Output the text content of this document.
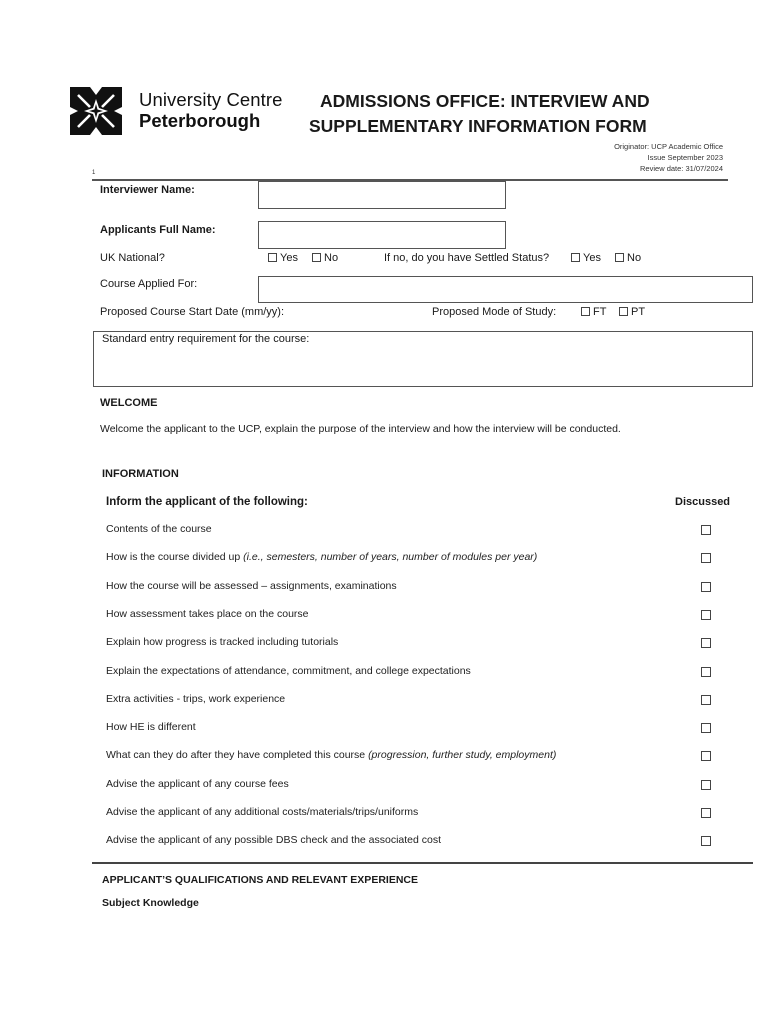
University Centre
Peterborough
ADMISSIONS OFFICE: INTERVIEW AND
SUPPLEMENTARY INFORMATION FORM
Originator: UCP Academic Office
Issue September 2023
Review date: 31/07/2024
1
Interviewer Name:
Applicants Full Name:
UK National?	Yes	No	If no, do you have Settled Status?	Yes	No
Course Applied For:
Proposed Course Start Date (mm/yy):	Proposed Mode of Study:	FT	PT
Standard entry requirement for the course:
WELCOME
Welcome the applicant to the UCP, explain the purpose of the interview and how the interview will be conducted.
INFORMATION
Inform the applicant of the following:	Discussed
Contents of the course
How is the course divided up (i.e., semesters, number of years, number of modules per year)
How the course will be assessed – assignments, examinations
How assessment takes place on the course
Explain how progress is tracked including tutorials
Explain the expectations of attendance, commitment, and college expectations
Extra activities - trips, work experience
How HE is different
What can they do after they have completed this course (progression, further study, employment)
Advise the applicant of any course fees
Advise the applicant of any additional costs/materials/trips/uniforms
Advise the applicant of any possible DBS check and the associated cost
APPLICANT’S QUALIFICATIONS AND RELEVANT EXPERIENCE
Subject Knowledge
